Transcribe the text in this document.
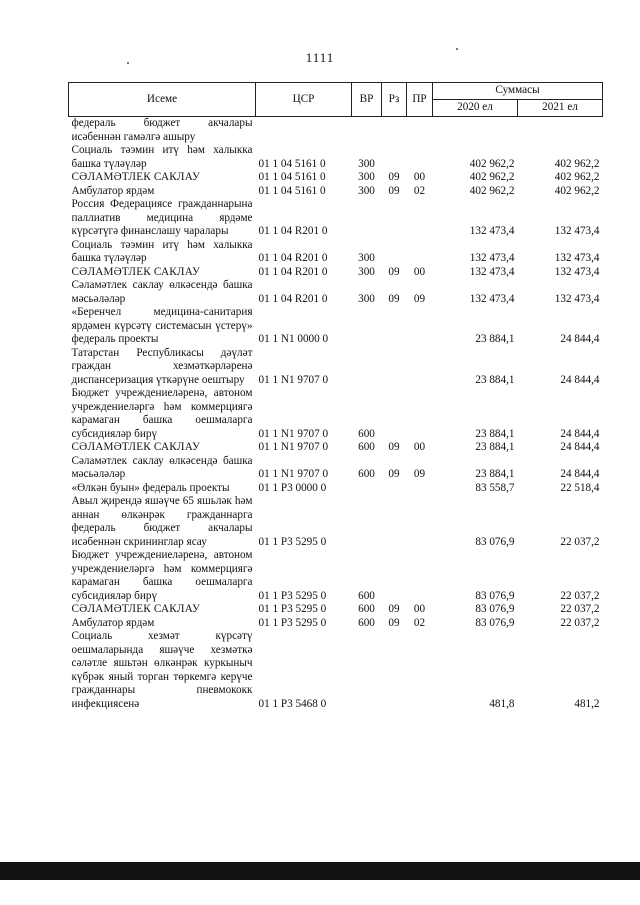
1111
Исеме	ЦСР	ВР	Рз	ПР	Суммасы	
					2020 ел	2021 ел
федераль бюджет акчалары исәбеннән гамәлгә ашыру						
Социаль тәэмин итү һәм халыкка башка түләүләр	01 1 04 5161 0	300			402 962,2	402 962,2
СӘЛАМӘТЛЕК САКЛАУ	01 1 04 5161 0	300	09	00	402 962,2	402 962,2
Амбулатор ярдәм	01 1 04 5161 0	300	09	02	402 962,2	402 962,2
Россия Федерациясе гражданнарына паллиатив медицина ярдәме күрсәтүгә финанслашу чаралары	01 1 04 R201 0				132 473,4	132 473,4
Социаль тәэмин итү һәм халыкка башка түләүләр	01 1 04 R201 0	300			132 473,4	132 473,4
СӘЛАМӘТЛЕК САКЛАУ	01 1 04 R201 0	300	09	00	132 473,4	132 473,4
Сәламәтлек саклау өлкәсендә башка мәсьәләләр	01 1 04 R201 0	300	09	09	132 473,4	132 473,4
«Беренчел медицина-санитария ярдәмен күрсәтү системасын үстерү» федераль проекты	01 1 N1 0000 0				23 884,1	24 844,4
Татарстан Республикасы дәүләт граждан хезмәткәрләренә диспансеризация үткәрүне оештыру	01 1 N1 9707 0				23 884,1	24 844,4
Бюджет учреждениеләренә, автоном учреждениеләргә һәм коммерциягә карамаган башка оешмаларга субсидияләр бирү	01 1 N1 9707 0	600			23 884,1	24 844,4
СӘЛАМӘТЛЕК САКЛАУ	01 1 N1 9707 0	600	09	00	23 884,1	24 844,4
Сәламәтлек саклау өлкәсендә башка мәсьәләләр	01 1 N1 9707 0	600	09	09	23 884,1	24 844,4
«Өлкән буын» федераль проекты	01 1 P3 0000 0				83 558,7	22 518,4
Авыл җирендә яшәүче 65 яшьләк һәм аннан өлкәнрәк гражданнарга федераль бюджет акчалары исәбеннән скрининглар ясау	01 1 P3 5295 0				83 076,9	22 037,2
Бюджет учреждениеләренә, автоном учреждениеләргә һәм коммерциягә карамаган башка оешмаларга субсидияләр бирү	01 1 P3 5295 0	600			83 076,9	22 037,2
СӘЛАМӘТЛЕК САКЛАУ	01 1 P3 5295 0	600	09	00	83 076,9	22 037,2
Амбулатор ярдәм	01 1 P3 5295 0	600	09	02	83 076,9	22 037,2
Социаль хезмәт күрсәтү оешмаларында яшәүче хезмәткә сәләтле яшьтән өлкәнрәк куркыныч күбрәк яный торган төркемгә керүче гражданнары пневмококк инфекциясенә	01 1 P3 5468 0				481,8	481,2
